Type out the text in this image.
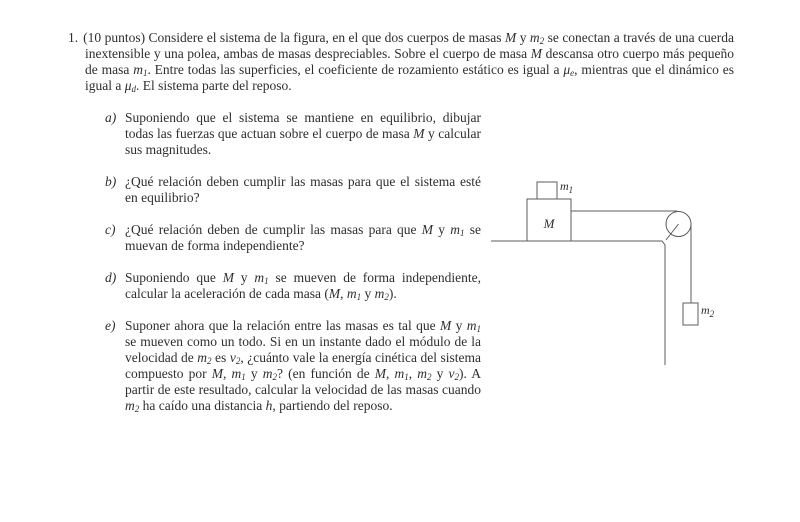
1. (10 puntos) Considere el sistema de la figura, en el que dos cuerpos de masas M y $m_2$ se conectan a través de una cuerda inextensible y una polea, ambas de masas despreciables. Sobre el cuerpo de masa M descansa otro cuerpo más pequeño de masa $m_1$. Entre todas las superficies, el coeficiente de rozamiento estático es igual a $\mu_e$, mientras que el dinámico es igual a $\mu_d$. El sistema parte del reposo.

a) Suponiendo que el sistema se mantiene en equilibrio, dibujar todas las fuerzas que actuan sobre el cuerpo de masa M y calcular sus magnitudes.
b) ¿Qué relación deben cumplir las masas para que el sistema esté en equilibrio?
c) ¿Qué relación deben de cumplir las masas para que M y $m_1$ se muevan de forma independiente?
d) Suponiendo que M y $m_1$ se mueven de forma independiente, calcular la aceleración de cada masa (M, $m_1$ y $m_2$).
e) Suponer ahora que la relación entre las masas es tal que M y $m_1$ se mueven como un todo. Si en un instante dado el módulo de la velocidad de $m_2$ es $v_2$, ¿cuánto vale la energía cinética del sistema compuesto por M, $m_1$ y $m_2$? (en función de M, $m_1$, $m_2$ y $v_2$). A partir de este resultado, calcular la velocidad de las masas cuando $m_2$ ha caído una distancia h, partiendo del reposo.
M
$m_1$
$m_2$
